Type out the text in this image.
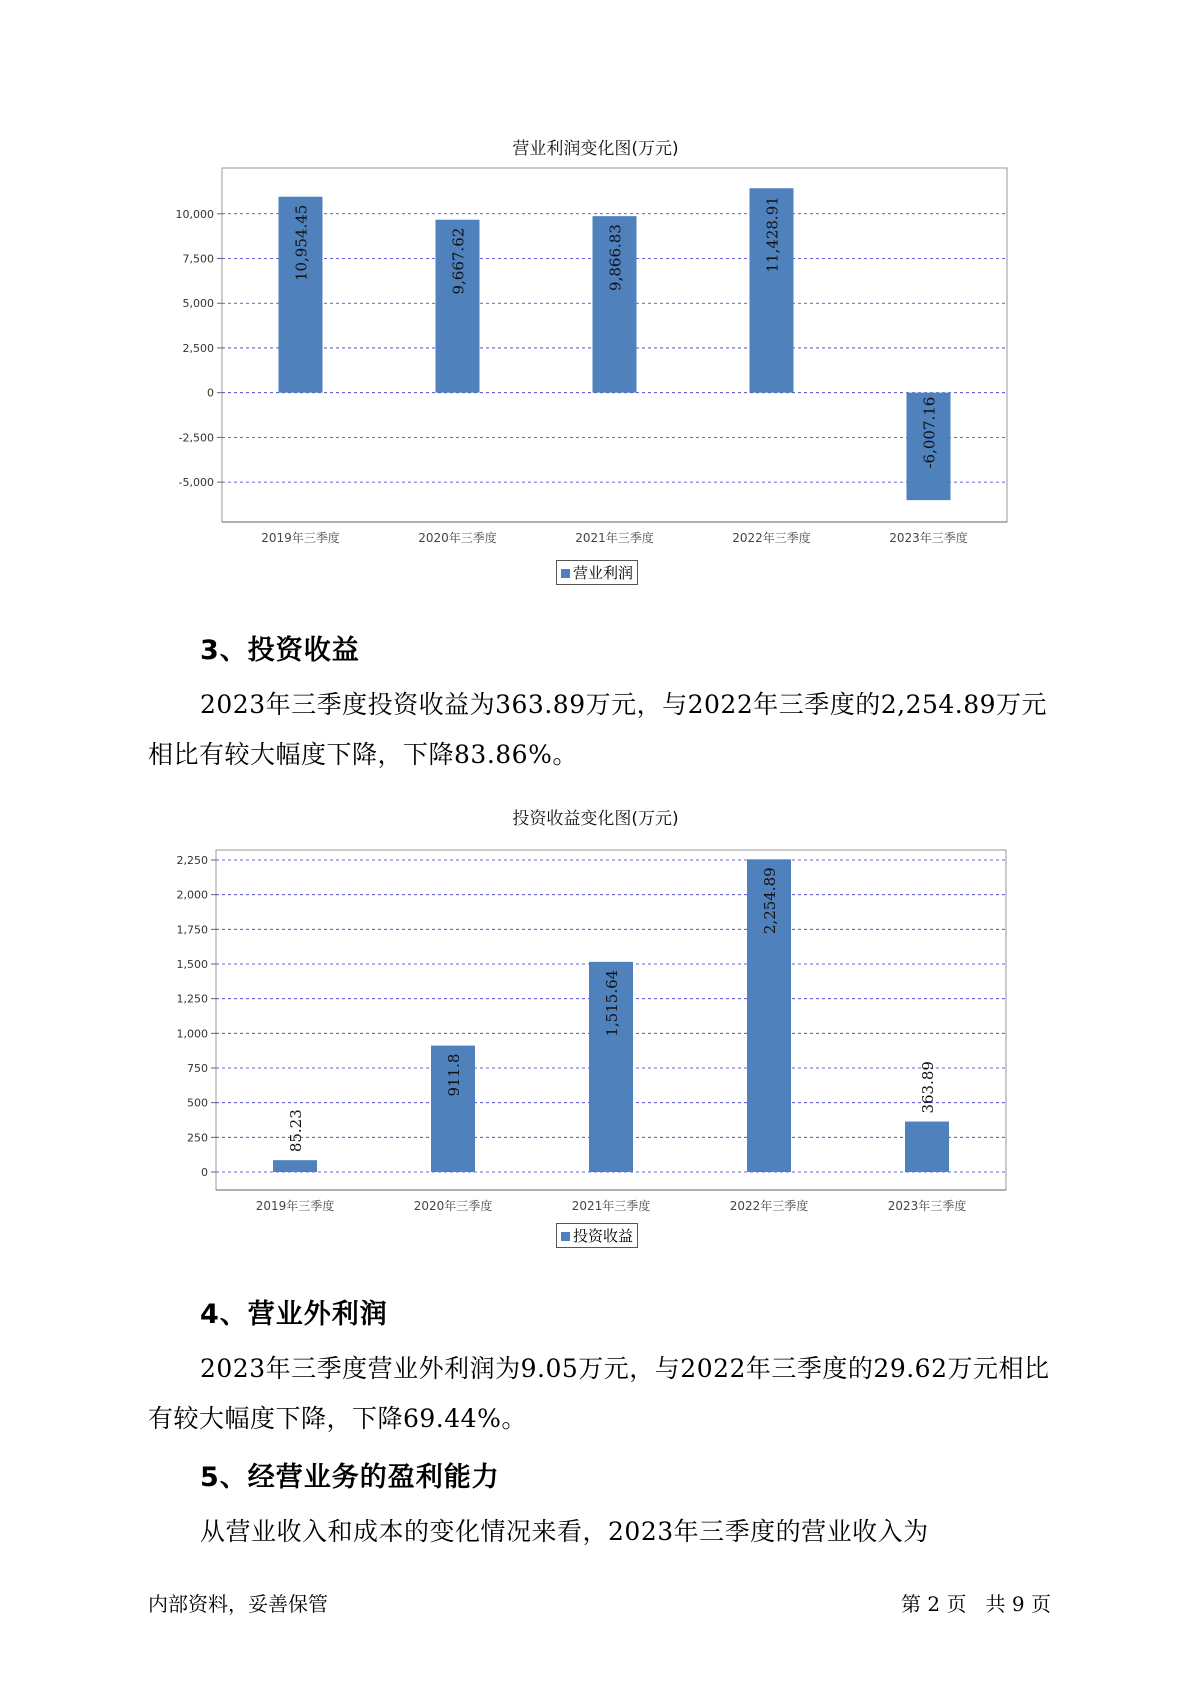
营业利润变化图(万元)
-5,000
-2,500
0
2,500
5,000
7,500
10,000	10,954.45
2019年三季度
9,667.62
2020年三季度
9,866.83
2021年三季度
11,428.91
2022年三季度
-6,007.16
2023年三季度
营业利润
3、投资收益
2023年三季度投资收益为363.89万元，与2022年三季度的2,254.89万元相比有较大幅度下降，下降83.86%。
投资收益变化图(万元)
0
250
500
750
1,000
1,250
1,500
1,750
2,000
2,250
85.23
2019年三季度
911.8
2020年三季度
1,515.64
2021年三季度
2,254.89
2022年三季度
363.89
2023年三季度
投资收益
4、营业外利润
2023年三季度营业外利润为9.05万元，与2022年三季度的29.62万元相比有较大幅度下降，下降69.44%。
5、经营业务的盈利能力
从营业收入和成本的变化情况来看，2023年三季度的营业收入为
内部资料，妥善保管	第 2 页   共 9 页
